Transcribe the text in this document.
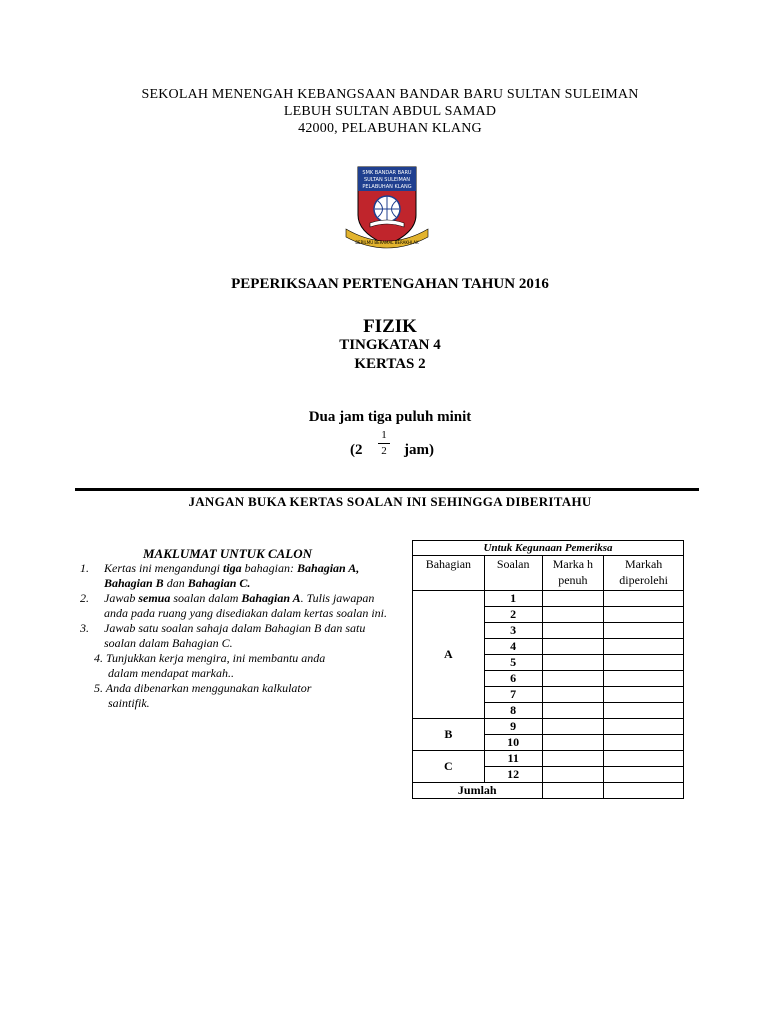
SEKOLAH MENENGAH KEBANGSAAN BANDAR BARU SULTAN SULEIMAN
LEBUH SULTAN ABDUL SAMAD
42000, PELABUHAN KLANG
SMK BANDAR BARU
SULTAN SULEIMAN
PELABUHAN KLANG
BERILMU BERAMAL BERAKHLAK
PEPERIKSAAN PERTENGAHAN TAHUN 2016
FIZIK
TINGKATAN 4
KERTAS 2
Dua jam tiga puluh minit
(2
1
2 jam)
JANGAN BUKA KERTAS SOALAN INI SEHINGGA DIBERITAHU
MAKLUMAT UNTUK CALON
1. Kertas ini mengandungi tiga bahagian: Bahagian A, Bahagian B dan Bahagian C.
2. Jawab semua soalan dalam Bahagian A. Tulis jawapan anda pada ruang yang disediakan dalam kertas soalan ini.
3. Jawab satu soalan sahaja dalam Bahagian B dan satu soalan dalam Bahagian C.
4. Tunjukkan kerja mengira, ini membantu anda
dalam mendapat markah..
5. Anda dibenarkan menggunakan kalkulator
saintifik.
Untuk Kegunaan Pemeriksa			
Bahagian	Soalan	Marka h penuh	Markah diperolehi
A	1		
	2		
	3		
	4		
	5		
	6		
	7		
	8		
B	9		
	10		
C	11		
	12		
Jumlah			
